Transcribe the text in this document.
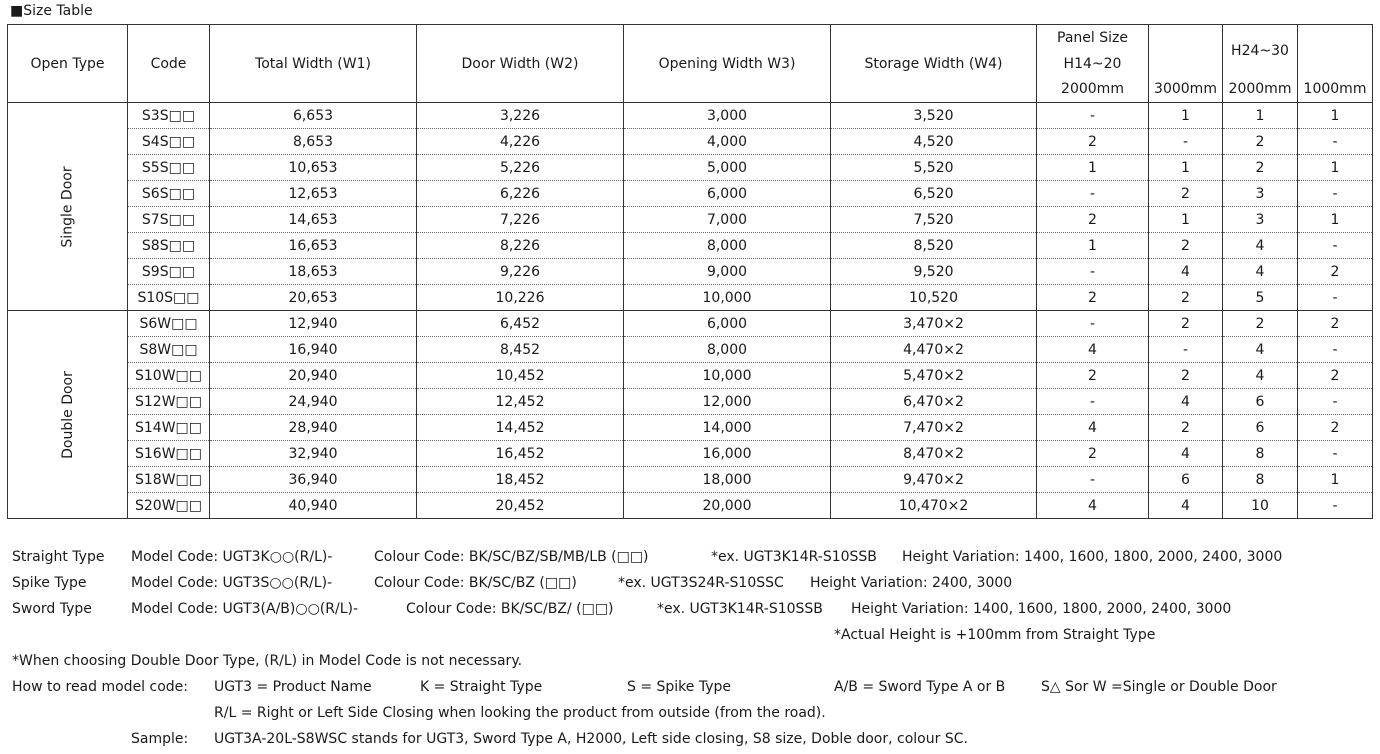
■Size Table
Open Type	Code	Total Width (W1)	Door Width (W2)	Opening Width W3)	Storage Width (W4)	Panel Size		H24~30	
						H14~20			
						2000mm	3000mm	2000mm	1000mm
Single Door	S3S□□	6,653	3,226	3,000	3,520	-	1	1	1
	S4S□□	8,653	4,226	4,000	4,520	2	-	2	-
	S5S□□	10,653	5,226	5,000	5,520	1	1	2	1
	S6S□□	12,653	6,226	6,000	6,520	-	2	3	-
	S7S□□	14,653	7,226	7,000	7,520	2	1	3	1
	S8S□□	16,653	8,226	8,000	8,520	1	2	4	-
	S9S□□	18,653	9,226	9,000	9,520	-	4	4	2
	S10S□□	20,653	10,226	10,000	10,520	2	2	5	-
Double Door	S6W□□	12,940	6,452	6,000	3,470×2	-	2	2	2
	S8W□□	16,940	8,452	8,000	4,470×2	4	-	4	-
	S10W□□	20,940	10,452	10,000	5,470×2	2	2	4	2
	S12W□□	24,940	12,452	12,000	6,470×2	-	4	6	-
	S14W□□	28,940	14,452	14,000	7,470×2	4	2	6	2
	S16W□□	32,940	16,452	16,000	8,470×2	2	4	8	-
	S18W□□	36,940	18,452	18,000	9,470×2	-	6	8	1
	S20W□□	40,940	20,452	20,000	10,470×2	4	4	10	-
Straight Type Model Code: UGT3K○○(R/L)-	Colour Code: BK/SC/BZ/SB/MB/LB (□□)	*ex. UGT3K14R-S10SSB Height Variation: 1400, 1600, 1800, 2000, 2400, 3000
Spike Type	Model Code: UGT3S○○(R/L)-	Colour Code: BK/SC/BZ (□□)	*ex. UGT3S24R-S10SSC Height Variation: 2400, 3000
Sword Type	Model Code: UGT3(A/B)○○(R/L)-	Colour Code: BK/SC/BZ/ (□□)	*ex. UGT3K14R-S10SSB Height Variation: 1400, 1600, 1800, 2000, 2400, 3000
*Actual Height is +100mm from Straight Type
*When choosing Double Door Type, (R/L) in Model Code is not necessary.
How to read model code: UGT3 = Product Name	K = Straight Type	S = Spike Type	A/B = Sword Type A or B	S△ Sor W =Single or Double Door
R/L = Right or Left Side Closing when looking the product from outside (from the road).
Sample: UGT3A-20L-S8WSC stands for UGT3, Sword Type A, H2000, Left side closing, S8 size, Doble door, colour SC.
